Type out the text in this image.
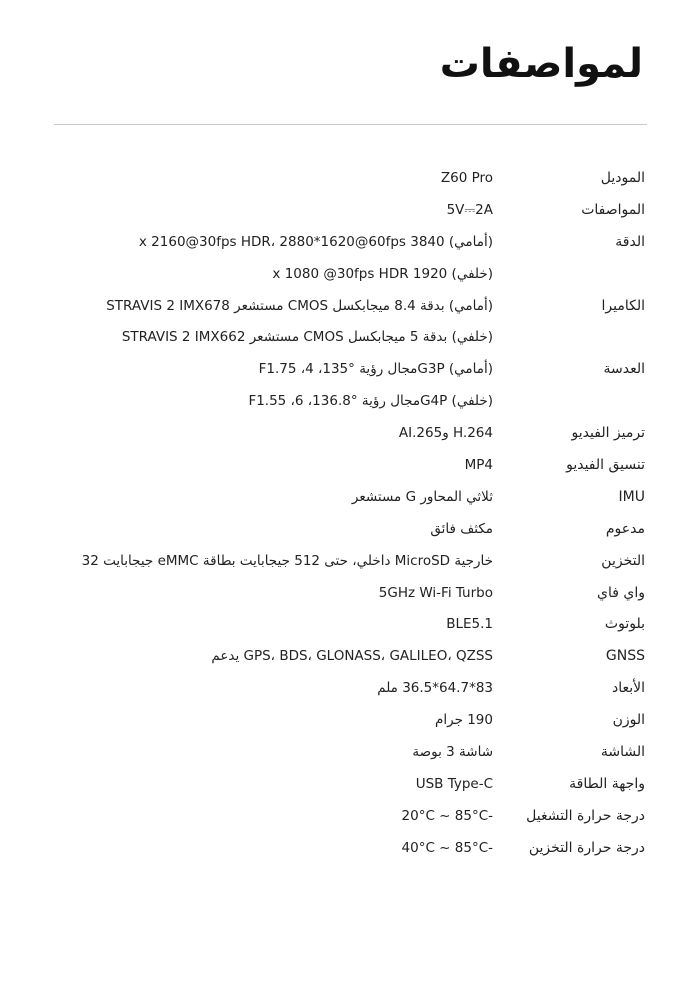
لمواصفات
الموديل
Z60 Pro
المواصفات
5V⎓2A
الدقة
(أمامي) 3840 x 2160@30fps HDR، 2880*1620@60fps
(خلفي) 1920 x 1080 @30fps HDR
الكاميرا
(أمامي) بدقة 8.4 ميجابكسل CMOS مستشعر STRAVIS 2 IMX678
(خلفي) بدقة 5 ميجابكسل CMOS مستشعر STRAVIS 2 IMX662
العدسة
(أمامي) G3Pمجال رؤية °135، 4، F1.75
(خلفي) G4Pمجال رؤية °136.8، 6، F1.55
ترميز الفيديو
H.264 وAI.265
تنسيق الفيديو
MP4
IMU
ثلاثي المحاور G مستشعر
مدعوم
مكثف فائق
التخزين
خارجية MicroSD داخلي، حتى 512 جيجابايت بطاقة eMMC جيجابايت 32
واي فاي
5GHz Wi-Fi Turbo
بلوتوث
BLE5.1
GNSS
GPS، BDS، GLONASS، GALILEO، QZSS يدعم
الأبعاد
83*64.7*36.5 ملم
الوزن
190 جرام
الشاشة
شاشة 3 بوصة
واجهة الطاقة
USB Type-C
درجة حرارة التشغيل
-20°C ~ 85°C
درجة حرارة التخزين
-40°C ~ 85°C
